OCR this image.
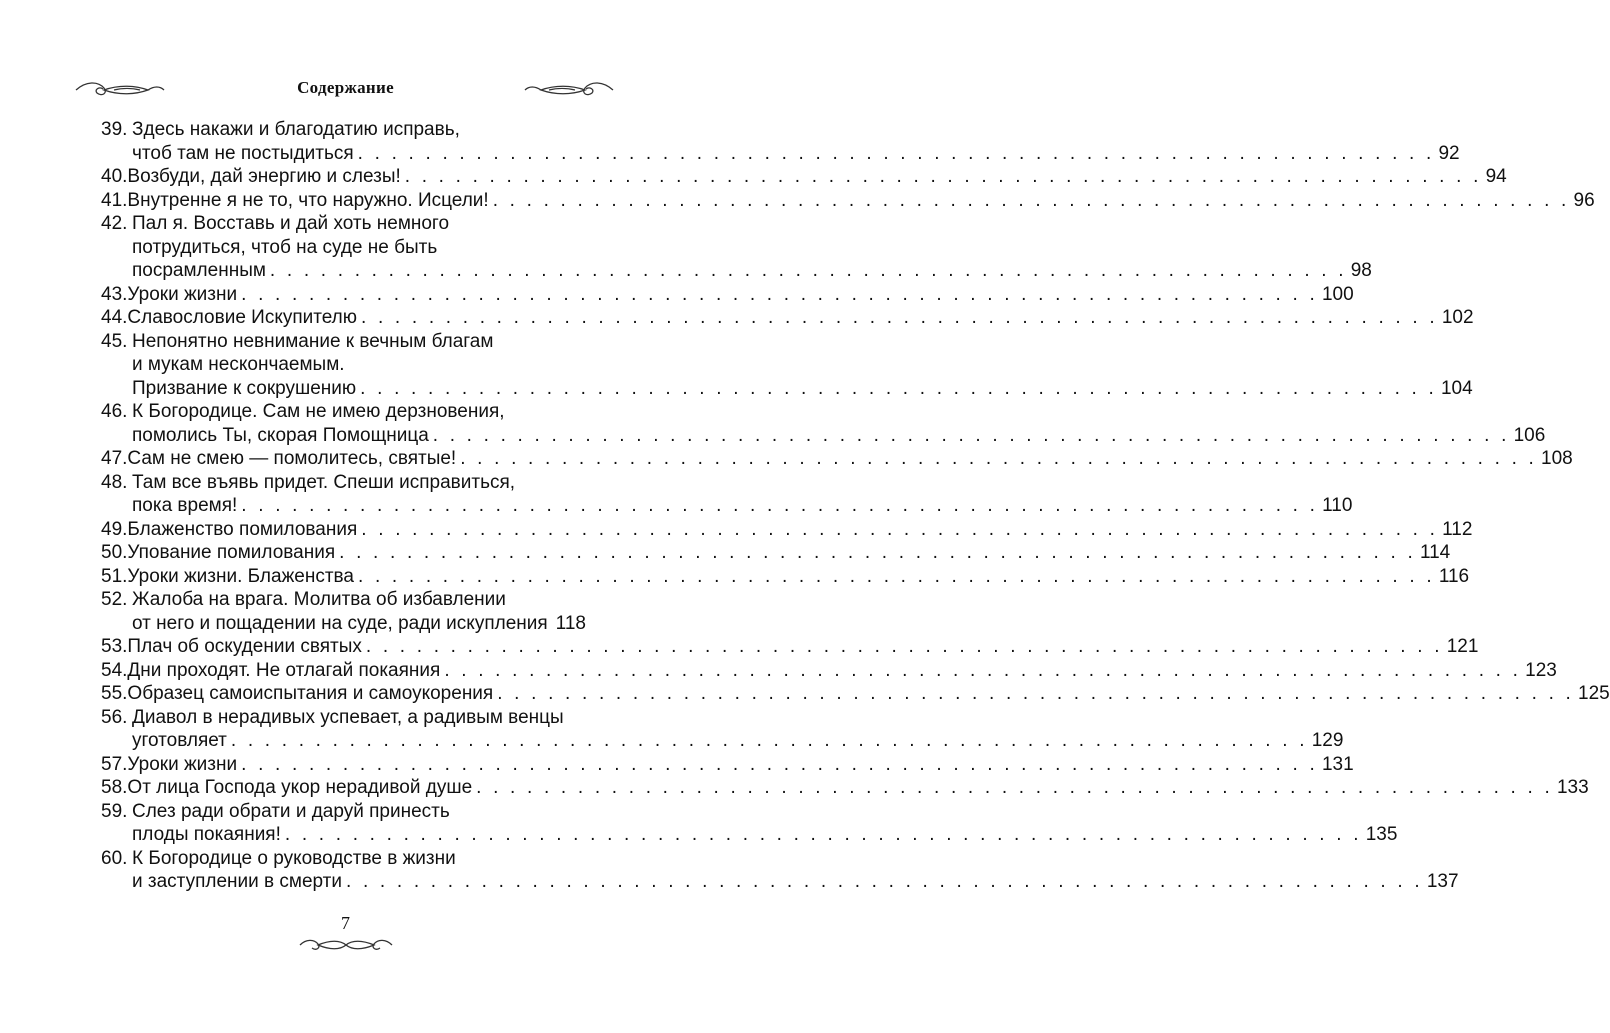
Содержание
39. Здесь накажи и благодатию исправь,
чтоб там не постыдиться . . . . . . . . . . . . . . . . . . . . . . . . . . . . . . . . . . . . . . . . . . . . . . . . . . . . . . . . . . . . . . . . 92
40. Возбуди, дай энергию и слезы! . . . . . . . . . . . . . . . . . . . . . . . . . . . . . . . . . . . . . . . . . . . . . . . . . . . . . . . . . . . . . . . . 94
41. Внутренне я не то, что наружно. Исцели! . . . . . . . . . . . . . . . . . . . . . . . . . . . . . . . . . . . . . . . . . . . . . . . . . . . . . . . . . . . . . . . . 96
42. Пал я. Восставь и дай хоть немного
потрудиться, чтоб на суде не быть
посрамленным . . . . . . . . . . . . . . . . . . . . . . . . . . . . . . . . . . . . . . . . . . . . . . . . . . . . . . . . . . . . . . . . 98
43. Уроки жизни . . . . . . . . . . . . . . . . . . . . . . . . . . . . . . . . . . . . . . . . . . . . . . . . . . . . . . . . . . . . . . . . 100
44. Славословие Искупителю . . . . . . . . . . . . . . . . . . . . . . . . . . . . . . . . . . . . . . . . . . . . . . . . . . . . . . . . . . . . . . . . 102
45. Непонятно невнимание к вечным благам
и мукам нескончаемым.
Призвание к сокрушению . . . . . . . . . . . . . . . . . . . . . . . . . . . . . . . . . . . . . . . . . . . . . . . . . . . . . . . . . . . . . . . . 104
46. К Богородице. Сам не имею дерзновения,
помолись Ты, скорая Помощница . . . . . . . . . . . . . . . . . . . . . . . . . . . . . . . . . . . . . . . . . . . . . . . . . . . . . . . . . . . . . . . . 106
47. Сам не смею — помолитесь, святые! . . . . . . . . . . . . . . . . . . . . . . . . . . . . . . . . . . . . . . . . . . . . . . . . . . . . . . . . . . . . . . . . 108
48. Там все въявь придет. Спеши исправиться,
пока время! . . . . . . . . . . . . . . . . . . . . . . . . . . . . . . . . . . . . . . . . . . . . . . . . . . . . . . . . . . . . . . . . 110
49. Блаженство помилования . . . . . . . . . . . . . . . . . . . . . . . . . . . . . . . . . . . . . . . . . . . . . . . . . . . . . . . . . . . . . . . . 112
50. Упование помилования . . . . . . . . . . . . . . . . . . . . . . . . . . . . . . . . . . . . . . . . . . . . . . . . . . . . . . . . . . . . . . . . 114
51. Уроки жизни. Блаженства . . . . . . . . . . . . . . . . . . . . . . . . . . . . . . . . . . . . . . . . . . . . . . . . . . . . . . . . . . . . . . . . 116
52. Жалоба на врага. Молитва об избавлении
от него и пощадении на суде, ради искупления 118
53. Плач об оскудении святых . . . . . . . . . . . . . . . . . . . . . . . . . . . . . . . . . . . . . . . . . . . . . . . . . . . . . . . . . . . . . . . . 121
54. Дни проходят. Не отлагай покаяния . . . . . . . . . . . . . . . . . . . . . . . . . . . . . . . . . . . . . . . . . . . . . . . . . . . . . . . . . . . . . . . . 123
55. Образец самоиспытания и самоукорения . . . . . . . . . . . . . . . . . . . . . . . . . . . . . . . . . . . . . . . . . . . . . . . . . . . . . . . . . . . . . . . . 125
56. Диавол в нерадивых успевает, а радивым венцы
уготовляет . . . . . . . . . . . . . . . . . . . . . . . . . . . . . . . . . . . . . . . . . . . . . . . . . . . . . . . . . . . . . . . . 129
57. Уроки жизни . . . . . . . . . . . . . . . . . . . . . . . . . . . . . . . . . . . . . . . . . . . . . . . . . . . . . . . . . . . . . . . . 131
58. От лица Господа укор нерадивой душе . . . . . . . . . . . . . . . . . . . . . . . . . . . . . . . . . . . . . . . . . . . . . . . . . . . . . . . . . . . . . . . . 133
59. Слез ради обрати и даруй принесть
плоды покаяния! . . . . . . . . . . . . . . . . . . . . . . . . . . . . . . . . . . . . . . . . . . . . . . . . . . . . . . . . . . . . . . . . 135
60. К Богородице о руководстве в жизни
и заступлении в смерти . . . . . . . . . . . . . . . . . . . . . . . . . . . . . . . . . . . . . . . . . . . . . . . . . . . . . . . . . . . . . . . . 137
7
